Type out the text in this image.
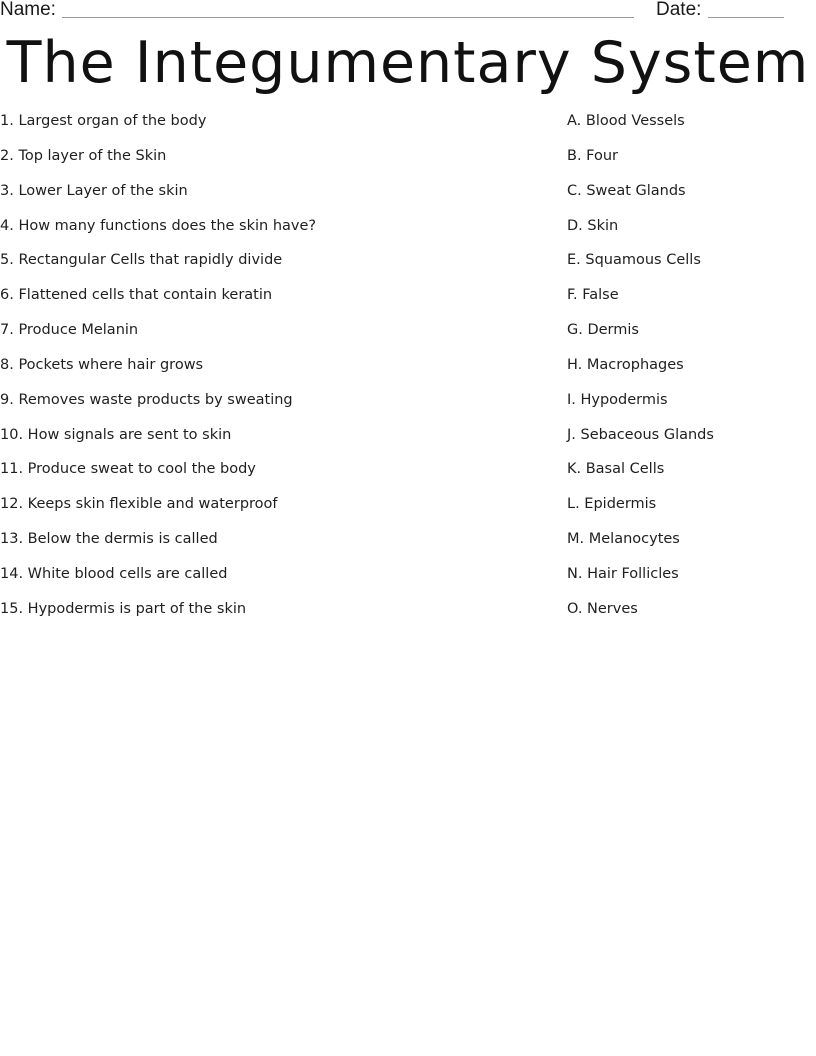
Name:	Date:
The Integumentary System
1. Largest organ of the body
2. Top layer of the Skin
3. Lower Layer of the skin
4. How many functions does the skin have?
5. Rectangular Cells that rapidly divide
6. Flattened cells that contain keratin
7. Produce Melanin
8. Pockets where hair grows
9. Removes waste products by sweating
10. How signals are sent to skin
11. Produce sweat to cool the body
12. Keeps skin flexible and waterproof
13. Below the dermis is called
14. White blood cells are called
15. Hypodermis is part of the skin
A. Blood Vessels
B. Four
C. Sweat Glands
D. Skin
E. Squamous Cells
F. False
G. Dermis
H. Macrophages
I. Hypodermis
J. Sebaceous Glands
K. Basal Cells
L. Epidermis
M. Melanocytes
N. Hair Follicles
O. Nerves
